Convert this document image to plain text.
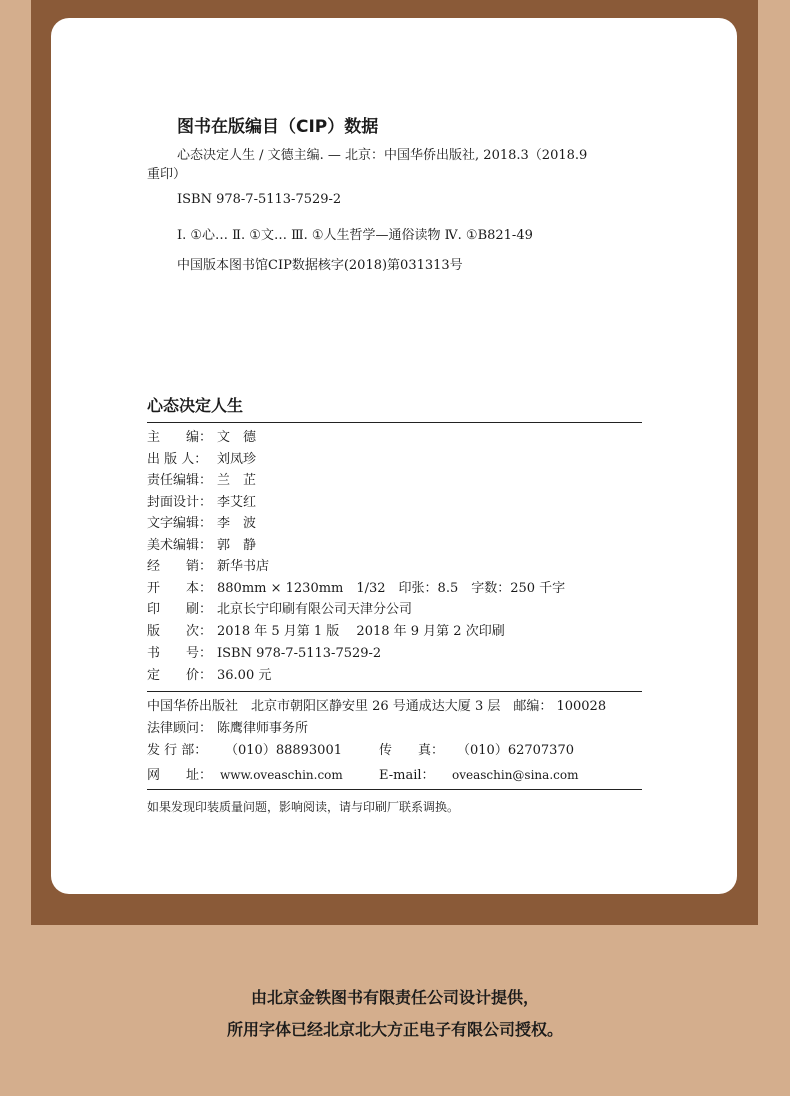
图书在版编目（CIP）数据
心态决定人生 / 文德主编. — 北京：中国华侨出版社, 2018.3（2018.9
重印）
ISBN 978-7-5113-7529-2
Ⅰ. ①心… Ⅱ. ①文… Ⅲ. ①人生哲学—通俗读物 Ⅳ. ①B821-49
中国版本图书馆CIP数据核字(2018)第031313号
心态决定人生
主　　编： 文　德
出 版 人： 刘凤珍
责任编辑： 兰　芷
封面设计： 李艾红
文字编辑： 李　波
美术编辑： 郭　静
经　　销： 新华书店
开　　本： 880mm × 1230mm　1/32　印张：8.5　字数：250 千字
印　　刷： 北京长宁印刷有限公司天津分公司
版　　次： 2018 年 5 月第 1 版　 2018 年 9 月第 2 次印刷
书　　号： ISBN 978-7-5113-7529-2
定　　价： 36.00 元
中国华侨出版社　北京市朝阳区静安里 26 号通成达大厦 3 层　邮编： 100028
法律顾问： 陈鹰律师事务所
发 行 部： （010）88893001	传　　真： （010）62707370
网　　址： www.oveaschin.com	E-mail： oveaschin@sina.com
如果发现印装质量问题，影响阅读，请与印刷厂联系调换。
由北京金铁图书有限责任公司设计提供，
所用字体已经北京北大方正电子有限公司授权。
